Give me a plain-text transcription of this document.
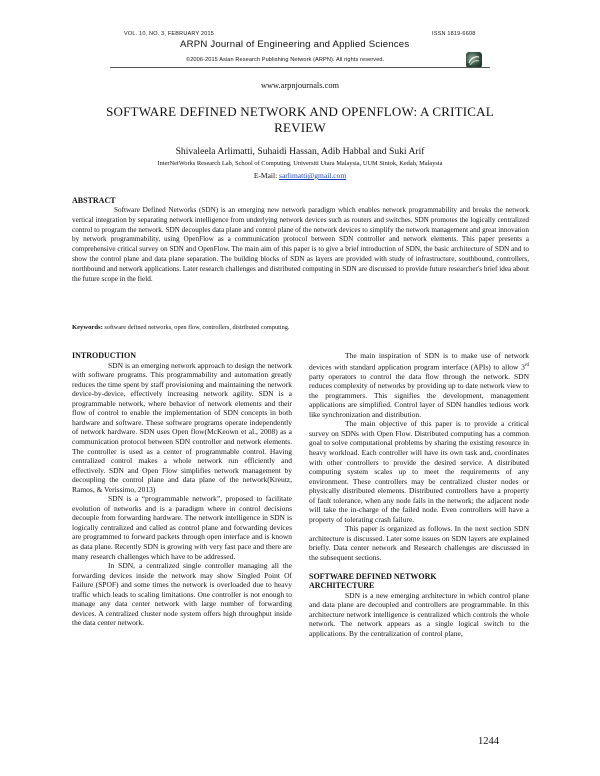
VOL. 10, NO. 3, FEBRUARY 2015	ISSN 1819-6608
ARPN Journal of Engineering and Applied Sciences
©2006-2015 Asian Research Publishing Network (ARPN). All rights reserved.
www.arpnjournals.com
SOFTWARE DEFINED NETWORK AND OPENFLOW: A CRITICAL
REVIEW
Shivaleela Arlimatti, Suhaidi Hassan, Adib Habbal and Suki Arif
InterNetWorks Research Lab, School of Computing, Universiti Utara Malaysia, UUM Sintok, Kedah, Malaysia
E-Mail: sarlimatti@gmail.com
ABSTRACT
Software Defined Networks (SDN) is an emerging new network paradigm which enables network programmability and breaks the network vertical integration by separating network intelligence from underlying network devices such as routers and switches. SDN promotes the logically centralized control to program the network. SDN decouples data plane and control plane of the network devices to simplify the network management and great innovation by network programmability, using OpenFlow as a communication protocol between SDN controller and network elements. This paper presents a comprehensive critical survey on SDN and OpenFlow. The main aim of this paper is to give a brief introduction of SDN, the basic architecture of SDN and to show the control plane and data plane separation. The building blocks of SDN as layers are provided with study of infrastructure, southbound, controllers, northbound and network applications. Later research challenges and distributed computing in SDN are discussed to provide future researcher's brief idea about the future scope in the field.
Keywords: software defined networks, open flow, controllers, distributed computing.
INTRODUCTION

SDN is an emerging network approach to design the network with software programs. This programmability and automation greatly reduces the time spent by staff provisioning and maintaining the network device-by-device, effectively increasing network agility. SDN is a programmable network, where behavior of network elements and their flow of control to enable the implementation of SDN concepts in both hardware and software. These software programs operate independently of network hardware. SDN uses Open flow(McKeown et al., 2008) as a communication protocol between SDN controller and network elements. The controller is used as a center of programmable control. Having centralized control makes a whole network run efficiently and effectively. SDN and Open Flow simplifies network management by decoupling the control plane and data plane of the network(Kreutz, Ramos, & Verissimo, 2013)

SDN is a “programmable network”, proposed to facilitate evolution of networks and is a paradigm where in control decisions decouple from forwarding hardware. The network intelligence in SDN is logically centralized and called as control plane and forwarding devices are programmed to forward packets through open interface and is known as data plane. Recently SDN is growing with very fast pace and there are many research challenges which have to be addressed.

In SDN, a centralized single controller managing all the forwarding devices inside the network may show Singled Point Of Failure (SPOF) and some times the network is overloaded due to heavy traffic which leads to scaling limitations. One controller is not enough to manage any data center network with large number of forwarding devices. A centralized cluster node system offers high throughput inside the data center network.

The main inspiration of SDN is to make use of network devices with standard application program interface (APIs) to allow 3rd party operators to control the data flow through the network. SDN reduces complexity of networks by providing up to date network view to the programmers. This signifies the development, management applications are simplified. Control layer of SDN handles tedious work like synchronization and distribution.

The main objective of this paper is to provide a critical survey on SDNs with Open Flow. Distributed computing has a common goal to solve computational problems by sharing the existing resource in heavy workload. Each controller will have its own task and, coordinates with other controllers to provide the desired service. A distributed computing system scales up to meet the requirements of any environment. These controllers may be centralized cluster nodes or physically distributed elements. Distributed controllers have a property of fault tolerance, when any node fails in the network; the adjacent node will take the in-charge of the failed node. Even controllers will have a property of tolerating crash failure.

This paper is organized as follows. In the next section SDN architecture is discussed. Later some issues on SDN layers are explained briefly. Data center network and Research challenges are discussed in the subsequent sections.

SOFTWARE DEFINED NETWORK
ARCHITECTURE

SDN is a new emerging architecture in which control plane and data plane are decoupled and controllers are programmable. In this architecture network intelligence is centralized which controls the whole network. The network appears as a single logical switch to the applications. By the centralization of control plane,

1244
